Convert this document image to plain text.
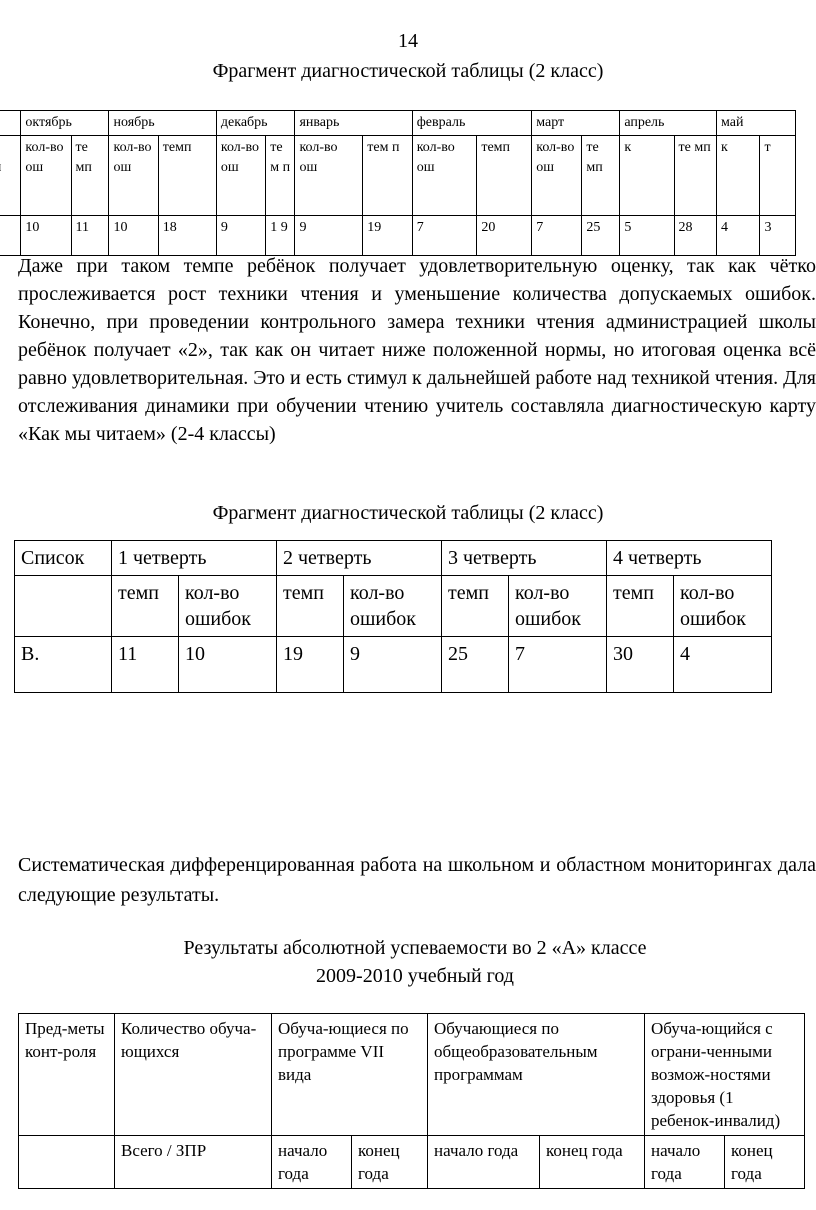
14
Фрагмент диагностической таблицы (2 класс)
	октябрь		ноябрь		декабрь		январь		февраль		март		апрель		май	
	кол-во ош	те мп	кол-во ош	темп	кол-во ош	те м п	кол-во ош	тем п	кол-во ош	темп	кол-во ош	те мп	к	те мп	к	т
	10	11	10	18	9	1 9	9	19	7	20	7	25	5	28	4	3

Даже при таком темпе ребёнок получает удовлетворительную оценку, так как чётко прослеживается рост техники чтения и уменьшение количества допускаемых ошибок. Конечно, при проведении контрольного замера техники чтения администрацией школы ребёнок получает «2», так как он читает ниже положенной нормы, но итоговая оценка всё равно удовлетворительная. Это и есть стимул к дальнейшей работе над техникой чтения. Для отслеживания динамики при обучении чтению учитель составляла диагностическую карту «Как мы читаем» (2-4 классы)

Фрагмент диагностической таблицы (2 класс)
Список	1 четверть		2 четверть		3 четверть		4 четверть	
	темп	кол-во ошибок	темп	кол-во ошибок	темп	кол-во ошибок	темп	кол-во ошибок
В.	11	10	19	9	25	7	30	4
Систематическая дифференцированная работа на школьном и областном мониторингах дала следующие результаты.
Результаты абсолютной успеваемости во 2 «А» классе
2009-2010 учебный год
Пред-меты конт-роля	Количество обуча-ющихся	Обуча-ющиеся по программе VII вида		Обучающиеся по общеобразовательным программам		Обуча-ющийся с ограни-ченными возмож-ностями здоровья (1 ребенок-инвалид)	
	Всего / ЗПР	начало года	конец года	начало года	конец года	начало года	конец года
